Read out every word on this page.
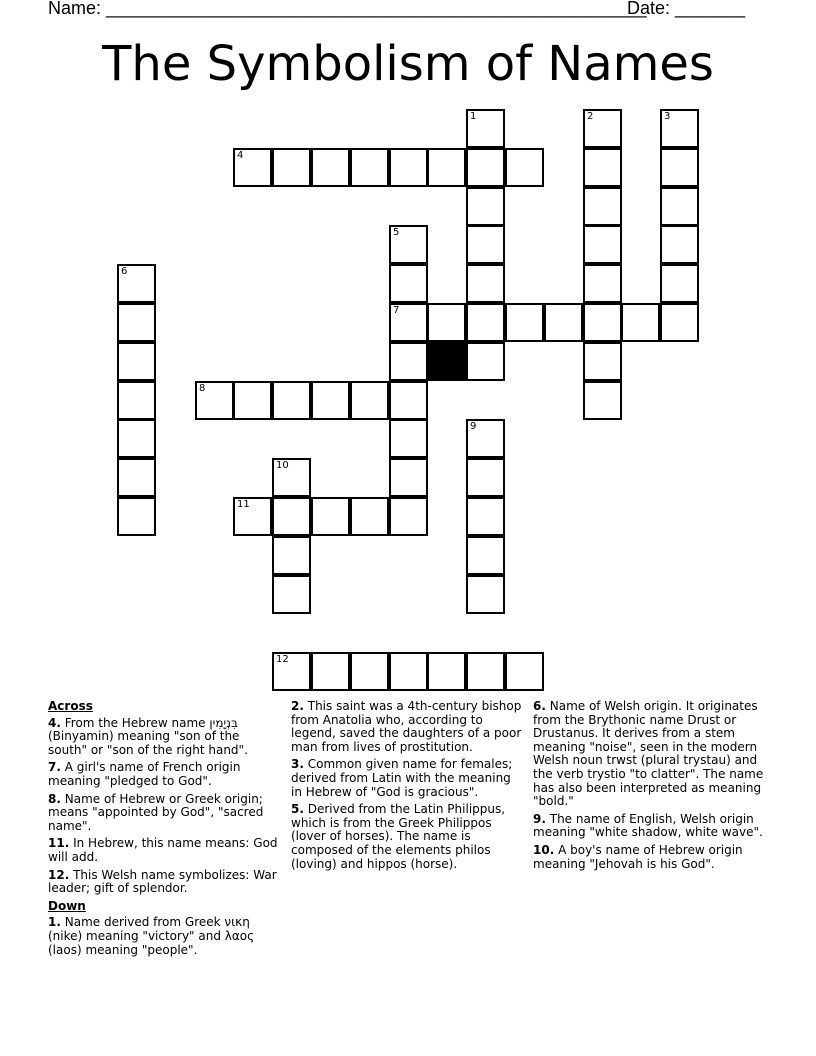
Name: ______________________________________________________
Date: _______
The Symbolism of Names
1	2	3
4
5
6
7
8
9
10
11
12
Across
4. From the Hebrew name בִּנְיָמִין (Binyamin) meaning "son of the south" or "son of the right hand".
7. A girl's name of French origin meaning "pledged to God".
8. Name of Hebrew or Greek origin; means "appointed by God", "sacred name".
11. In Hebrew, this name means: God will add.
12. This Welsh name symbolizes: War leader; gift of splendor.
Down
1. Name derived from Greek νικη (nike) meaning "victory" and λαος (laos) meaning "people".
2. This saint was a 4th-century bishop from Anatolia who, according to legend, saved the daughters of a poor man from lives of prostitution.
3. Common given name for females; derived from Latin with the meaning in Hebrew of "God is gracious".
5. Derived from the Latin Philippus, which is from the Greek Philippos (lover of horses). The name is composed of the elements philos (loving) and hippos (horse).
6. Name of Welsh origin. It originates from the Brythonic name Drust or Drustanus. It derives from a stem meaning "noise", seen in the modern Welsh noun trwst (plural trystau) and the verb trystio "to clatter". The name has also been interpreted as meaning "bold."
9. The name of English, Welsh origin meaning "white shadow, white wave".
10. A boy's name of Hebrew origin meaning "Jehovah is his God".
